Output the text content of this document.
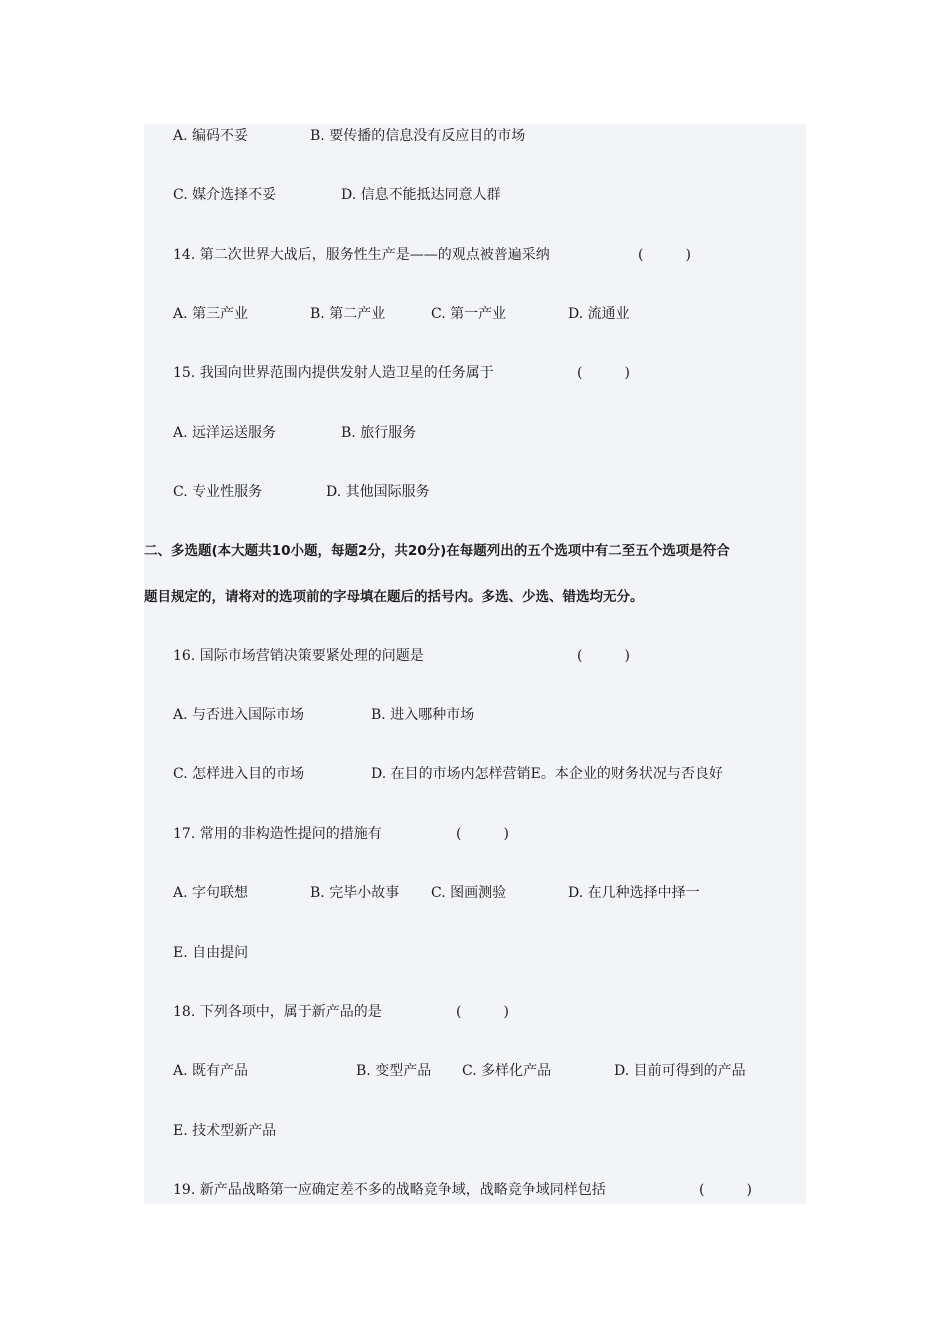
A. 编码不妥	B. 要传播的信息没有反应目的市场
C. 媒介选择不妥	D. 信息不能抵达同意人群
14. 第二次世界大战后，服务性生产是——的观点被普遍采纳	(　　　)
A. 第三产业	B. 第二产业	C. 第一产业	D. 流通业
15. 我国向世界范围内提供发射人造卫星的任务属于	(　　　)
A. 远洋运送服务	B. 旅行服务
C. 专业性服务	D. 其他国际服务
二、多选题(本大题共10小题，每题2分，共20分)在每题列出的五个选项中有二至五个选项是符合
题目规定的，请将对的选项前的字母填在题后的括号内。多选、少选、错选均无分。
16. 国际市场营销决策要紧处理的问题是	(　　　)
A. 与否进入国际市场	B. 进入哪种市场
C. 怎样进入目的市场	D. 在目的市场内怎样营销E。本企业的财务状况与否良好
17. 常用的非构造性提问的措施有	(　　　)
A. 字句联想	B. 完毕小故事 C. 图画测验	D. 在几种选择中择一
E. 自由提问
18. 下列各项中，属于新产品的是	(　　　)
A. 既有产品	B. 变型产品 C. 多样化产品	D. 目前可得到的产品
E. 技术型新产品
19. 新产品战略第一应确定差不多的战略竞争域，战略竞争域同样包括	(　　　)
